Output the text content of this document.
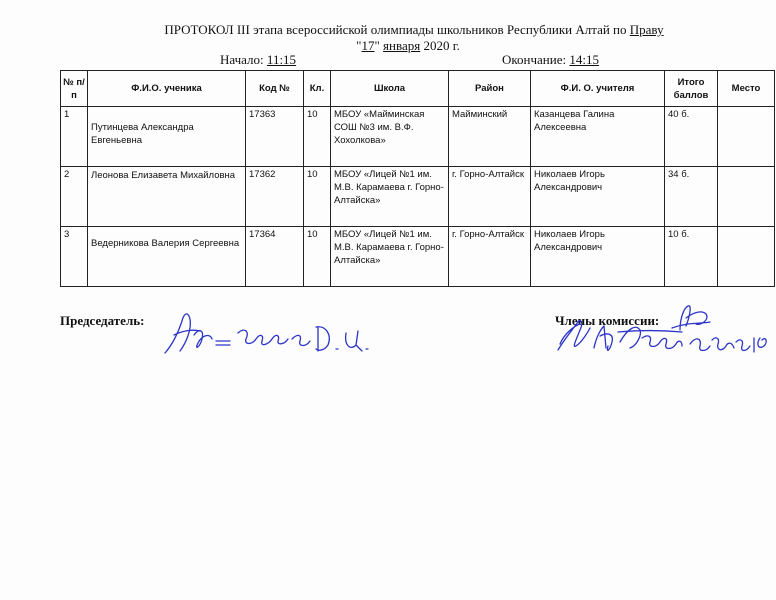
ПРОТОКОЛ III этапа всероссийской олимпиады школьников Республики Алтай по Праву
"17" января 2020 г.
Начало: 11:15	Окончание: 14:15
№ п/п	Ф.И.О. ученика	Код №	Кл.	Школа	Район	Ф.И. О. учителя	Итого баллов	Место
1	Путинцева Александра Евгеньевна	17363	10	МБОУ «Майминская СОШ №3 им. В.Ф. Хохолкова»	Майминский	Казанцева Галина Алексеевна	40 б.	
2	Леонова Елизавета Михайловна	17362	10	МБОУ «Лицей №1 им. М.В. Карамаева г. Горно-Алтайска»	г. Горно-Алтайск	Николаев Игорь Александрович	34 б.	
3	Ведерникова Валерия Сергеевна	17364	10	МБОУ «Лицей №1 им. М.В. Карамаева г. Горно-Алтайска»	г. Горно-Алтайск	Николаев Игорь Александрович	10 б.	
Председатель:	Члены комиссии:
